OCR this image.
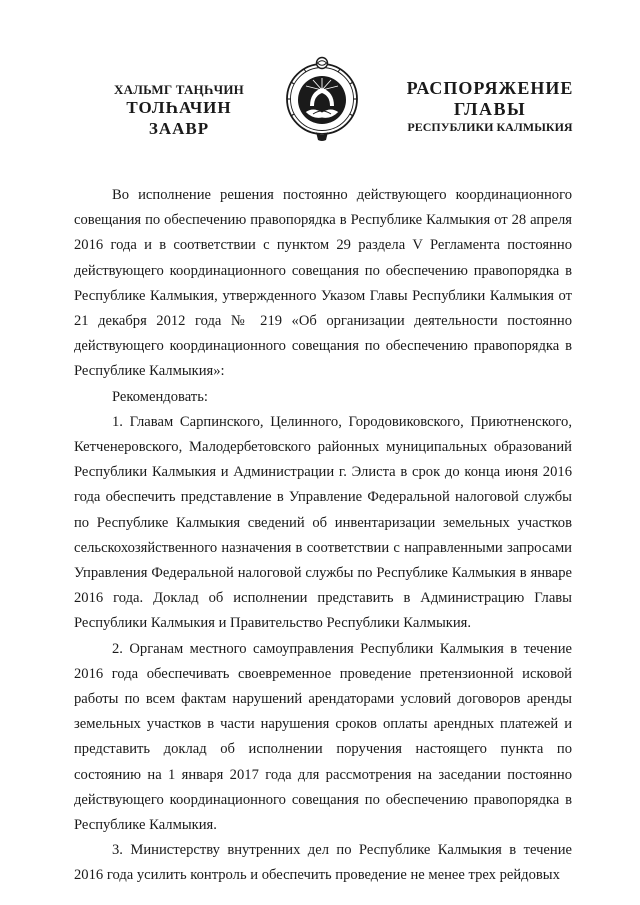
ХАЛЬМГ ТАҢҺЧИН
ТОЛҺАЧИН
ЗААВР
РАСПОРЯЖЕНИЕ
ГЛАВЫ
РЕСПУБЛИКИ КАЛМЫКИЯ

Во исполнение решения постоянно действующего координационного совещания по обеспечению правопорядка в Республике Калмыкия от 28 апреля 2016 года и в соответствии с пунктом 29 раздела V Регламента постоянно действующего координационного совещания по обеспечению правопорядка в Республике Калмыкия, утвержденного Указом Главы Республики Калмыкия от 21 декабря 2012 года № 219 «Об организации деятельности постоянно действующего координационного совещания по обеспечению правопорядка в Республике Калмыкия»:

Рекомендовать:

1. Главам Сарпинского, Целинного, Городовиковского, Приютненского, Кетченеровского, Малодербетовского районных муниципальных образований Республики Калмыкия и Администрации г. Элиста в срок до конца июня 2016 года обеспечить представление в Управление Федеральной налоговой службы по Республике Калмыкия сведений об инвентаризации земельных участков сельскохозяйственного назначения в соответствии с направленными запросами Управления Федеральной налоговой службы по Республике Калмыкия в январе 2016 года. Доклад об исполнении представить в Администрацию Главы Республики Калмыкия и Правительство Республики Калмыкия.

2. Органам местного самоуправления Республики Калмыкия в течение 2016 года обеспечивать своевременное проведение претензионной исковой работы по всем фактам нарушений арендаторами условий договоров аренды земельных участков в части нарушения сроков оплаты арендных платежей и представить доклад об исполнении поручения настоящего пункта по состоянию на 1 января 2017 года для рассмотрения на заседании постоянно действующего координационного совещания по обеспечению правопорядка в Республике Калмыкия.

3. Министерству внутренних дел по Республике Калмыкия в течение 2016 года усилить контроль и обеспечить проведение не менее трех рейдовых
